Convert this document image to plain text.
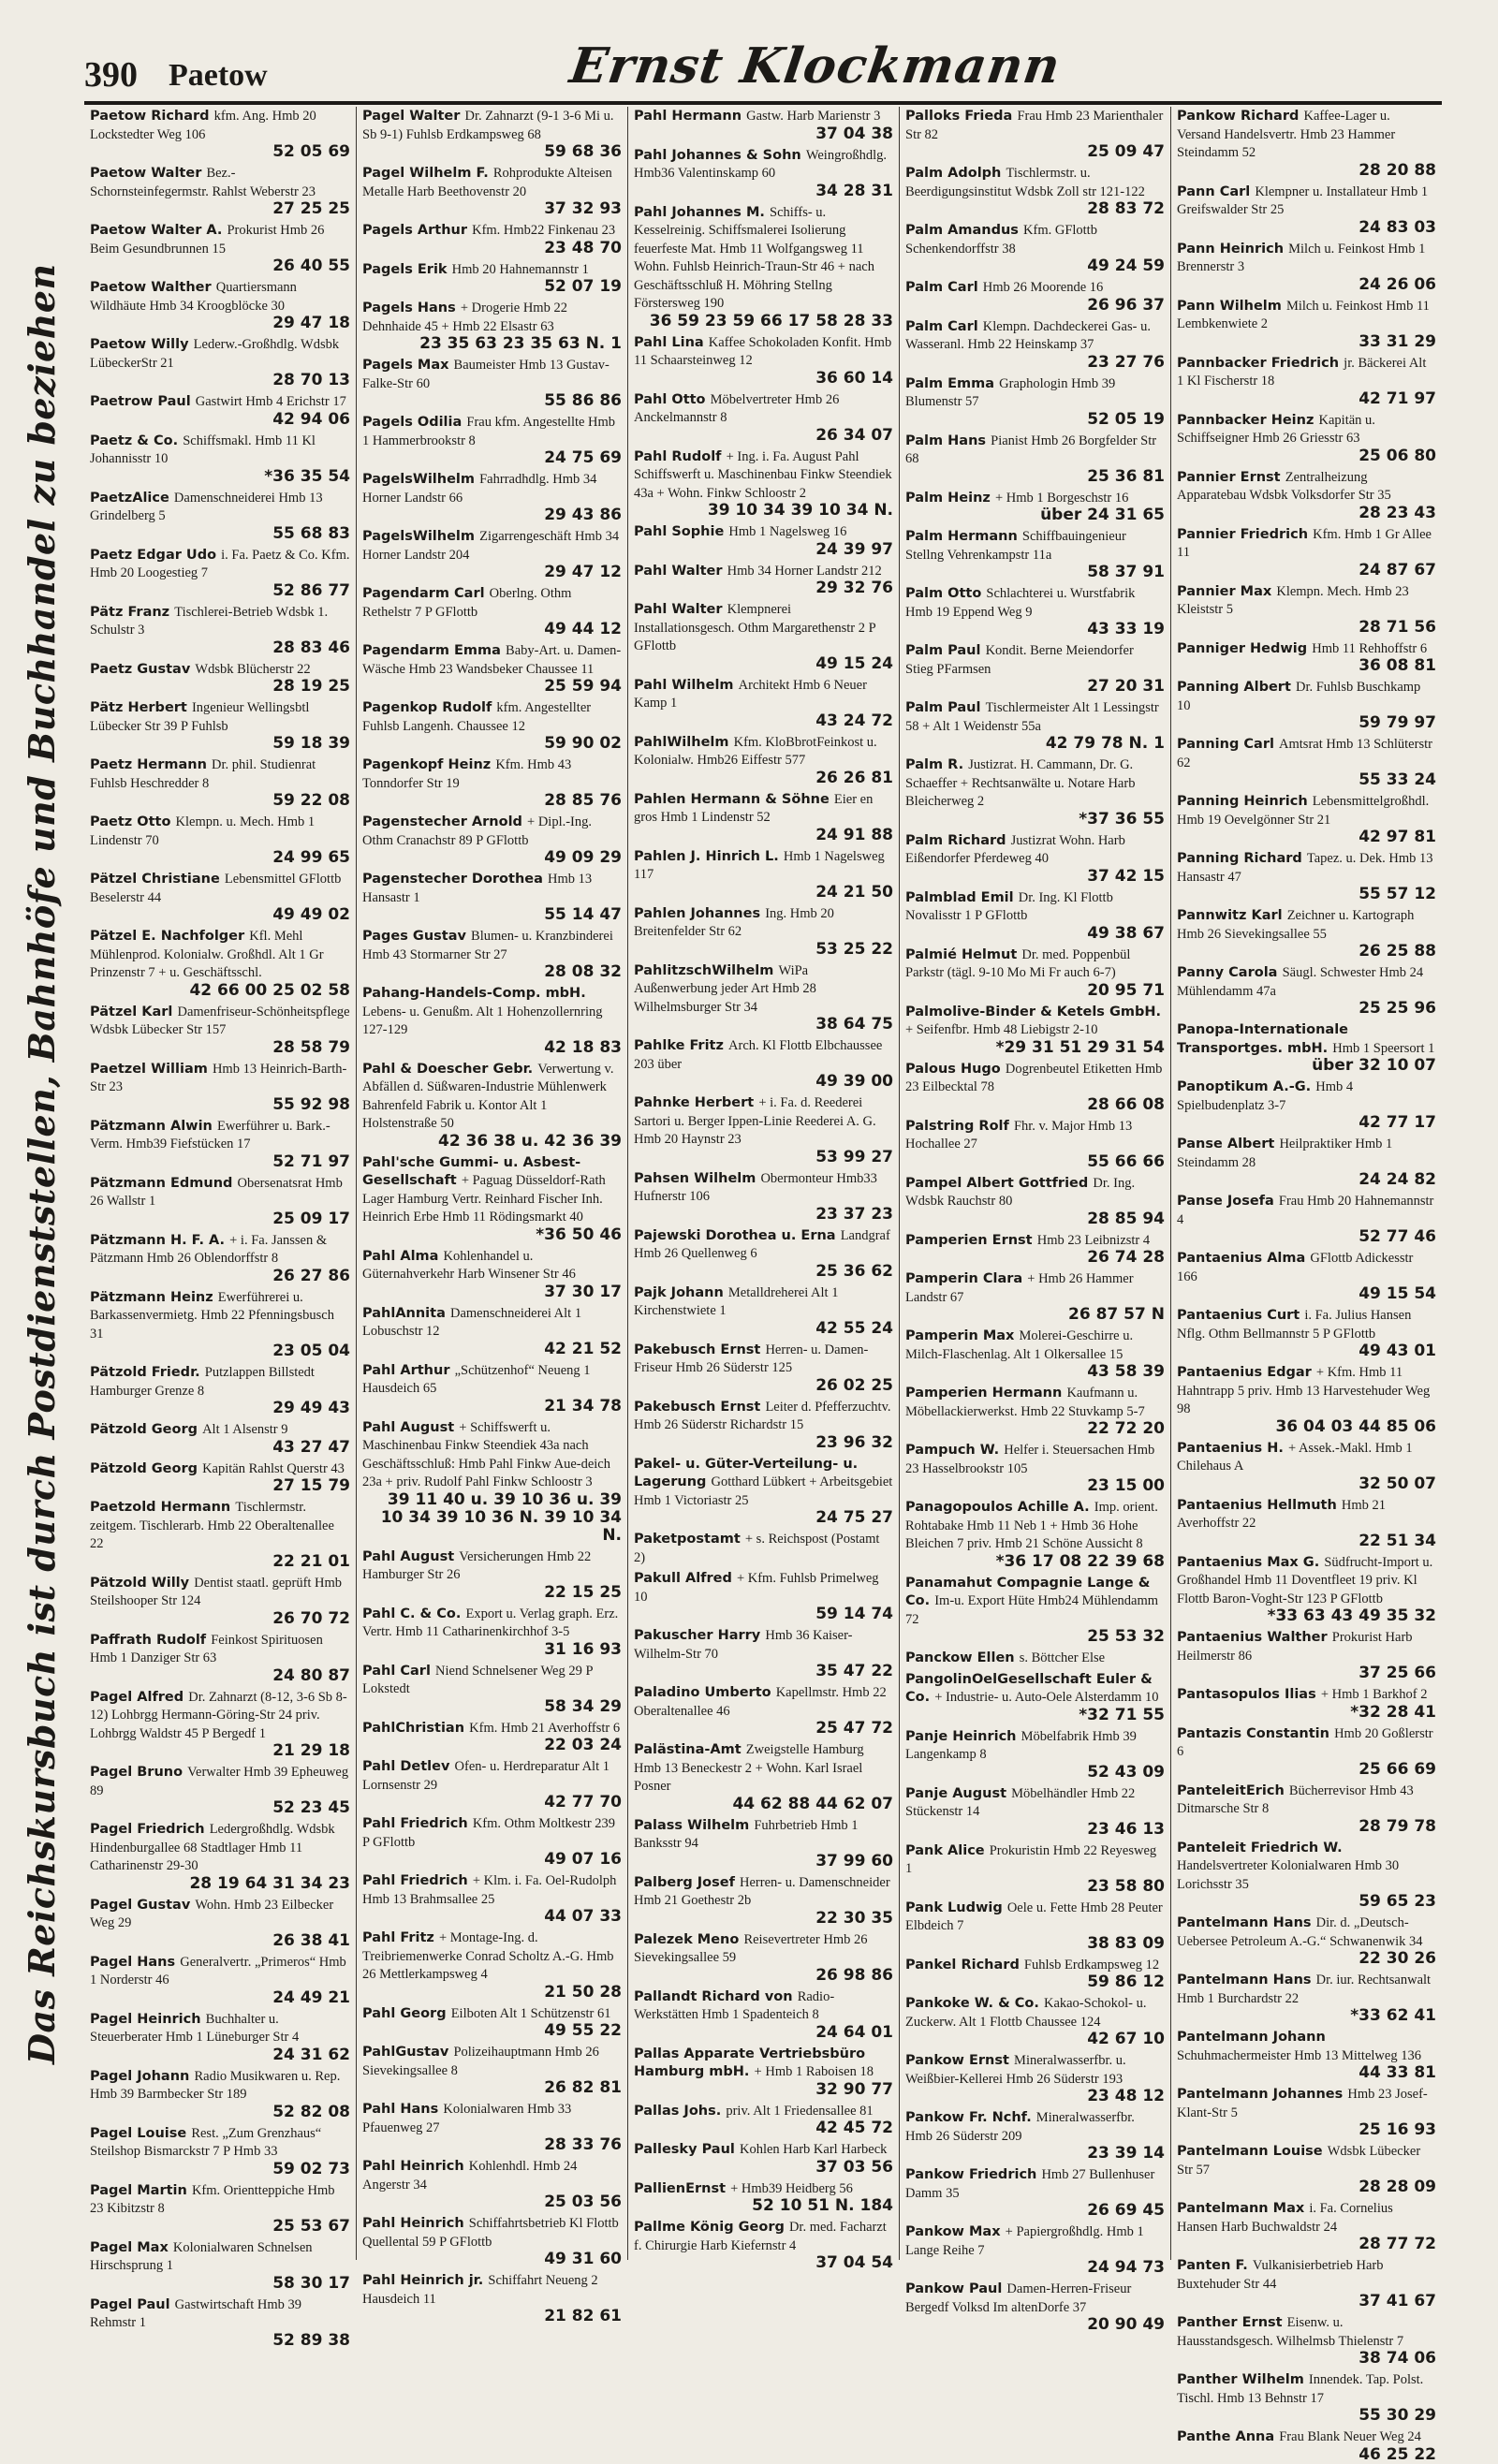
390 Paetow	Ernst Klockmann
Das Reichskursbuch ist durch Postdienststellen, Bahnhöfe und Buchhandel zu beziehen
Paetow Richard kfm. Ang. Hmb 20 Lockstedter Weg 106
52 05 69
Paetow Walter Bez.-Schornsteinfegermstr. Rahlst Weberstr 23
27 25 25
Paetow Walter A. Prokurist Hmb 26 Beim Gesundbrunnen 15
26 40 55
Paetow Walther Quartiersmann Wildhäute Hmb 34 Kroogblöcke 30
29 47 18
Paetow Willy Lederw.-Großhdlg. Wdsbk LübeckerStr 21
28 70 13
Paetrow Paul Gastwirt Hmb 4 Erichstr 17
42 94 06
Paetz & Co. Schiffsmakl. Hmb 11 Kl Johannisstr 10
*36 35 54
PaetzAlice Damenschneiderei Hmb 13 Grindelberg 5
55 68 83
Paetz Edgar Udo i. Fa. Paetz & Co. Kfm. Hmb 20 Loogestieg 7
52 86 77
Pätz Franz Tischlerei-Betrieb Wdsbk 1. Schulstr 3
28 83 46
Paetz Gustav Wdsbk Blücherstr 22
28 19 25
Pätz Herbert Ingenieur Wellingsbtl Lübecker Str 39 P Fuhlsb
59 18 39
Paetz Hermann Dr. phil. Studienrat Fuhlsb Heschredder 8
59 22 08
Paetz Otto Klempn. u. Mech. Hmb 1 Lindenstr 70
24 99 65
Pätzel Christiane Lebensmittel GFlottb Beselerstr 44
49 49 02
Pätzel E. Nachfolger Kfl. Mehl Mühlenprod. Kolonialw. Großhdl. Alt 1 Gr Prinzenstr 7 + u. Geschäftsschl.
42 66 00 25 02 58
Pätzel Karl Damenfriseur-Schönheitspflege Wdsbk Lübecker Str 157
28 58 79
Paetzel William Hmb 13 Heinrich-Barth-Str 23
55 92 98
Pätzmann Alwin Ewerführer u. Bark.-Verm. Hmb39 Fiefstücken 17
52 71 97
Pätzmann Edmund Obersenatsrat Hmb 26 Wallstr 1
25 09 17
Pätzmann H. F. A. + i. Fa. Janssen & Pätzmann Hmb 26 Oblendorffstr 8
26 27 86
Pätzmann Heinz Ewerführerei u. Barkassenvermietg. Hmb 22 Pfenningsbusch 31
23 05 04
Pätzold Friedr. Putzlappen Billstedt Hamburger Grenze 8
29 49 43
Pätzold Georg Alt 1 Alsenstr 9
43 27 47
Pätzold Georg Kapitän Rahlst Querstr 43
27 15 79
Paetzold Hermann Tischlermstr. zeitgem. Tischlerarb. Hmb 22 Oberaltenallee 22
22 21 01
Pätzold Willy Dentist staatl. geprüft Hmb Steilshooper Str 124
26 70 72
Paffrath Rudolf Feinkost Spirituosen Hmb 1 Danziger Str 63
24 80 87
Pagel Alfred Dr. Zahnarzt (8-12, 3-6 Sb 8-12) Lohbrgg Hermann-Göring-Str 24 priv. Lohbrgg Waldstr 45 P Bergedf 1
21 29 18
Pagel Bruno Verwalter Hmb 39 Epheuweg 89
52 23 45
Pagel Friedrich Ledergroßhdlg. Wdsbk Hindenburgallee 68 Stadtlager Hmb 11 Catharinenstr 29-30
28 19 64 31 34 23
Pagel Gustav Wohn. Hmb 23 Eilbecker Weg 29
26 38 41
Pagel Hans Generalvertr. „Primeros“ Hmb 1 Norderstr 46
24 49 21
Pagel Heinrich Buchhalter u. Steuerberater Hmb 1 Lüneburger Str 4
24 31 62
Pagel Johann Radio Musikwaren u. Rep. Hmb 39 Barmbecker Str 189
52 82 08
Pagel Louise Rest. „Zum Grenzhaus“ Steilshop Bismarckstr 7 P Hmb 33
59 02 73
Pagel Martin Kfm. Orientteppiche Hmb 23 Kibitzstr 8
25 53 67
Pagel Max Kolonialwaren Schnelsen Hirschsprung 1
58 30 17
Pagel Paul Gastwirtschaft Hmb 39 Rehmstr 1
52 89 38
Pagel Walter Dr. Zahnarzt (9-1 3-6 Mi u. Sb 9-1) Fuhlsb Erdkampsweg 68
59 68 36
Pagel Wilhelm F. Rohprodukte Alteisen Metalle Harb Beethovenstr 20
37 32 93
Pagels Arthur Kfm. Hmb22 Finkenau 23
23 48 70
Pagels Erik Hmb 20 Hahnemannstr 1
52 07 19
Pagels Hans + Drogerie Hmb 22 Dehnhaide 45 + Hmb 22 Elsastr 63
23 35 63 23 35 63 N. 1
Pagels Max Baumeister Hmb 13 Gustav-Falke-Str 60
55 86 86
Pagels Odilia Frau kfm. Angestellte Hmb 1 Hammerbrookstr 8
24 75 69
PagelsWilhelm Fahrradhdlg. Hmb 34 Horner Landstr 66
29 43 86
PagelsWilhelm Zigarrengeschäft Hmb 34 Horner Landstr 204
29 47 12
Pagendarm Carl Oberlng. Othm Rethelstr 7 P GFlottb
49 44 12
Pagendarm Emma Baby-Art. u. Damen-Wäsche Hmb 23 Wandsbeker Chaussee 11
25 59 94
Pagenkop Rudolf kfm. Angestellter Fuhlsb Langenh. Chaussee 12
59 90 02
Pagenkopf Heinz Kfm. Hmb 43 Tonndorfer Str 19
28 85 76
Pagenstecher Arnold + Dipl.-Ing. Othm Cranachstr 89 P GFlottb
49 09 29
Pagenstecher Dorothea Hmb 13 Hansastr 1
55 14 47
Pages Gustav Blumen- u. Kranzbinderei Hmb 43 Stormarner Str 27
28 08 32
Pahang-Handels-Comp. mbH. Lebens- u. Genußm. Alt 1 Hohenzollernring 127-129
42 18 83
Pahl & Doescher Gebr. Verwertung v. Abfällen d. Süßwaren-Industrie Mühlenwerk Bahrenfeld Fabrik u. Kontor Alt 1 Holstenstraße 50
42 36 38 u. 42 36 39
Pahl'sche Gummi- u. Asbest-Gesellschaft + Paguag Düsseldorf-Rath Lager Hamburg Vertr. Reinhard Fischer Inh. Heinrich Erbe Hmb 11 Rödingsmarkt 40
*36 50 46
Pahl Alma Kohlenhandel u. Güternahverkehr Harb Winsener Str 46
37 30 17
PahlAnnita Damenschneiderei Alt 1 Lobuschstr 12
42 21 52
Pahl Arthur „Schützenhof“ Neueng 1 Hausdeich 65
21 34 78
Pahl August + Schiffswerft u. Maschinenbau Finkw Steendiek 43a nach Geschäftsschluß: Hmb Pahl Finkw Aue-deich 23a + priv. Rudolf Pahl Finkw Schloostr 3
39 11 40 u. 39 10 36 u. 39 10 34 39 10 36 N. 39 10 34 N.
Pahl August Versicherungen Hmb 22 Hamburger Str 26
22 15 25
Pahl C. & Co. Export u. Verlag graph. Erz. Vertr. Hmb 11 Catharinenkirchhof 3-5
31 16 93
Pahl Carl Niend Schnelsener Weg 29 P Lokstedt
58 34 29
PahlChristian Kfm. Hmb 21 Averhoffstr 6
22 03 24
Pahl Detlev Ofen- u. Herdreparatur Alt 1 Lornsenstr 29
42 77 70
Pahl Friedrich Kfm. Othm Moltkestr 239 P GFlottb
49 07 16
Pahl Friedrich + Klm. i. Fa. Oel-Rudolph Hmb 13 Brahmsallee 25
44 07 33
Pahl Fritz + Montage-Ing. d. Treibriemenwerke Conrad Scholtz A.-G. Hmb 26 Mettlerkampsweg 4
21 50 28
Pahl Georg Eilboten Alt 1 Schützenstr 61
49 55 22
PahlGustav Polizeihauptmann Hmb 26 Sievekingsallee 8
26 82 81
Pahl Hans Kolonialwaren Hmb 33 Pfauenweg 27
28 33 76
Pahl Heinrich Kohlenhdl. Hmb 24 Angerstr 34
25 03 56
Pahl Heinrich Schiffahrtsbetrieb Kl Flottb Quellental 59 P GFlottb
49 31 60
Pahl Heinrich jr. Schiffahrt Neueng 2 Hausdeich 11
21 82 61
Pahl Hermann Gastw. Harb Marienstr 3
37 04 38
Pahl Johannes & Sohn Weingroßhdlg. Hmb36 Valentinskamp 60
34 28 31
Pahl Johannes M. Schiffs- u. Kesselreinig. Schiffsmalerei Isolierung feuerfeste Mat. Hmb 11 Wolfgangsweg 11 Wohn. Fuhlsb Heinrich-Traun-Str 46 + nach Geschäftsschluß H. Möhring Stellng Förstersweg 190
36 59 23 59 66 17 58 28 33
Pahl Lina Kaffee Schokoladen Konfit. Hmb 11 Schaarsteinweg 12
36 60 14
Pahl Otto Möbelvertreter Hmb 26 Anckelmannstr 8
26 34 07
Pahl Rudolf + Ing. i. Fa. August Pahl Schiffswerft u. Maschinenbau Finkw Steendiek 43a + Wohn. Finkw Schloostr 2
39 10 34 39 10 34 N.
Pahl Sophie Hmb 1 Nagelsweg 16
24 39 97
Pahl Walter Hmb 34 Horner Landstr 212
29 32 76
Pahl Walter Klempnerei Installationsgesch. Othm Margarethenstr 2 P GFlottb
49 15 24
Pahl Wilhelm Architekt Hmb 6 Neuer Kamp 1
43 24 72
PahlWilhelm Kfm. KloBbrotFeinkost u. Kolonialw. Hmb26 Eiffestr 577
26 26 81
Pahlen Hermann & Söhne Eier en gros Hmb 1 Lindenstr 52
24 91 88
Pahlen J. Hinrich L. Hmb 1 Nagelsweg 117
24 21 50
Pahlen Johannes Ing. Hmb 20 Breitenfelder Str 62
53 25 22
PahlitzschWilhelm WiPa Außenwerbung jeder Art Hmb 28 Wilhelmsburger Str 34
38 64 75
Pahlke Fritz Arch. Kl Flottb Elbchaussee 203 über
49 39 00
Pahnke Herbert + i. Fa. d. Reederei Sartori u. Berger Ippen-Linie Reederei A. G. Hmb 20 Haynstr 23
53 99 27
Pahsen Wilhelm Obermonteur Hmb33 Hufnerstr 106
23 37 23
Pajewski Dorothea u. Erna Landgraf Hmb 26 Quellenweg 6
25 36 62
Pajk Johann Metalldreherei Alt 1 Kirchenstwiete 1
42 55 24
Pakebusch Ernst Herren- u. Damen-Friseur Hmb 26 Süderstr 125
26 02 25
Pakebusch Ernst Leiter d. Pfefferzuchtv. Hmb 26 Süderstr Richardstr 15
23 96 32
Pakel- u. Güter-Verteilung- u. Lagerung Gotthard Lübkert + Arbeitsgebiet Hmb 1 Victoriastr 25
24 75 27
Paketpostamt + s. Reichspost (Postamt 2)
Pakull Alfred + Kfm. Fuhlsb Primelweg 10
59 14 74
Pakuscher Harry Hmb 36 Kaiser-Wilhelm-Str 70
35 47 22
Paladino Umberto Kapellmstr. Hmb 22 Oberaltenallee 46
25 47 72
Palästina-Amt Zweigstelle Hamburg Hmb 13 Beneckestr 2 + Wohn. Karl Israel Posner
44 62 88 44 62 07
Palass Wilhelm Fuhrbetrieb Hmb 1 Banksstr 94
37 99 60
Palberg Josef Herren- u. Damenschneider Hmb 21 Goethestr 2b
22 30 35
Palezek Meno Reisevertreter Hmb 26 Sievekingsallee 59
26 98 86
Pallandt Richard von Radio-Werkstätten Hmb 1 Spadenteich 8
24 64 01
Pallas Apparate Vertriebsbüro Hamburg mbH. + Hmb 1 Raboisen 18
32 90 77
Pallas Johs. priv. Alt 1 Friedensallee 81
42 45 72
Pallesky Paul Kohlen Harb Karl Harbeck
37 03 56
PallienErnst + Hmb39 Heidberg 56
52 10 51 N. 184
Pallme König Georg Dr. med. Facharzt f. Chirurgie Harb Kiefernstr 4
37 04 54
Palloks Frieda Frau Hmb 23 Marienthaler Str 82
25 09 47
Palm Adolph Tischlermstr. u. Beerdigungsinstitut Wdsbk Zoll str 121-122
28 83 72
Palm Amandus Kfm. GFlottb Schenkendorffstr 38
49 24 59
Palm Carl Hmb 26 Moorende 16
26 96 37
Palm Carl Klempn. Dachdeckerei Gas- u. Wasseranl. Hmb 22 Heinskamp 37
23 27 76
Palm Emma Graphologin Hmb 39 Blumenstr 57
52 05 19
Palm Hans Pianist Hmb 26 Borgfelder Str 68
25 36 81
Palm Heinz + Hmb 1 Borgeschstr 16
über 24 31 65
Palm Hermann Schiffbauingenieur Stellng Vehrenkampstr 11a
58 37 91
Palm Otto Schlachterei u. Wurstfabrik Hmb 19 Eppend Weg 9
43 33 19
Palm Paul Kondit. Berne Meiendorfer Stieg PFarmsen
27 20 31
Palm Paul Tischlermeister Alt 1 Lessingstr 58 + Alt 1 Weidenstr 55a
42 79 78 N. 1
Palm R. Justizrat. H. Cammann, Dr. G. Schaeffer + Rechtsanwälte u. Notare Harb Bleicherweg 2
*37 36 55
Palm Richard Justizrat Wohn. Harb Eißendorfer Pferdeweg 40
37 42 15
Palmblad Emil Dr. Ing. Kl Flottb Novalisstr 1 P GFlottb
49 38 67
Palmié Helmut Dr. med. Poppenbül Parkstr (tägl. 9-10 Mo Mi Fr auch 6-7)
20 95 71
Palmolive-Binder & Ketels GmbH. + Seifenfbr. Hmb 48 Liebigstr 2-10
*29 31 51 29 31 54
Palous Hugo Dogrenbeutel Etiketten Hmb 23 Eilbecktal 78
28 66 08
Palstring Rolf Fhr. v. Major Hmb 13 Hochallee 27
55 66 66
Pampel Albert Gottfried Dr. Ing. Wdsbk Rauchstr 80
28 85 94
Pamperien Ernst Hmb 23 Leibnizstr 4
26 74 28
Pamperin Clara + Hmb 26 Hammer Landstr 67
26 87 57 N
Pamperin Max Molerei-Geschirre u. Milch-Flaschenlag. Alt 1 Olkersallee 15
43 58 39
Pamperien Hermann Kaufmann u. Möbellackierwerkst. Hmb 22 Stuvkamp 5-7
22 72 20
Pampuch W. Helfer i. Steuersachen Hmb 23 Hasselbrookstr 105
23 15 00
Panagopoulos Achille A. Imp. orient. Rohtabake Hmb 11 Neb 1 + Hmb 36 Hohe Bleichen 7 priv. Hmb 21 Schöne Aussicht 8
*36 17 08 22 39 68
Panamahut Compagnie Lange & Co. Im-u. Export Hüte Hmb24 Mühlendamm 72
25 53 32
Panckow Ellen s. Böttcher Else
PangolinOelGesellschaft Euler & Co. + Industrie- u. Auto-Oele Alsterdamm 10
*32 71 55
Panje Heinrich Möbelfabrik Hmb 39 Langenkamp 8
52 43 09
Panje August Möbelhändler Hmb 22 Stückenstr 14
23 46 13
Pank Alice Prokuristin Hmb 22 Reyesweg 1
23 58 80
Pank Ludwig Oele u. Fette Hmb 28 Peuter Elbdeich 7
38 83 09
Pankel Richard Fuhlsb Erdkampsweg 12
59 86 12
Pankoke W. & Co. Kakao-Schokol- u. Zuckerw. Alt 1 Flottb Chaussee 124
42 67 10
Pankow Ernst Mineralwasserfbr. u. Weißbier-Kellerei Hmb 26 Süderstr 193
23 48 12
Pankow Fr. Nchf. Mineralwasserfbr. Hmb 26 Süderstr 209
23 39 14
Pankow Friedrich Hmb 27 Bullenhuser Damm 35
26 69 45
Pankow Max + Papiergroßhdlg. Hmb 1 Lange Reihe 7
24 94 73
Pankow Paul Damen-Herren-Friseur Bergedf Volksd Im altenDorfe 37
20 90 49
Pankow Richard Kaffee-Lager u. Versand Handelsvertr. Hmb 23 Hammer Steindamm 52
28 20 88
Pann Carl Klempner u. Installateur Hmb 1 Greifswalder Str 25
24 83 03
Pann Heinrich Milch u. Feinkost Hmb 1 Brennerstr 3
24 26 06
Pann Wilhelm Milch u. Feinkost Hmb 11 Lembkenwiete 2
33 31 29
Pannbacker Friedrich jr. Bäckerei Alt 1 Kl Fischerstr 18
42 71 97
Pannbacker Heinz Kapitän u. Schiffseigner Hmb 26 Griesstr 63
25 06 80
Pannier Ernst Zentralheizung Apparatebau Wdsbk Volksdorfer Str 35
28 23 43
Pannier Friedrich Kfm. Hmb 1 Gr Allee 11
24 87 67
Pannier Max Klempn. Mech. Hmb 23 Kleiststr 5
28 71 56
Panniger Hedwig Hmb 11 Rehhoffstr 6
36 08 81
Panning Albert Dr. Fuhlsb Buschkamp 10
59 79 97
Panning Carl Amtsrat Hmb 13 Schlüterstr 62
55 33 24
Panning Heinrich Lebensmittelgroßhdl. Hmb 19 Oevelgönner Str 21
42 97 81
Panning Richard Tapez. u. Dek. Hmb 13 Hansastr 47
55 57 12
Pannwitz Karl Zeichner u. Kartograph Hmb 26 Sievekingsallee 55
26 25 88
Panny Carola Säugl. Schwester Hmb 24 Mühlendamm 47a
25 25 96
Panopa-Internationale Transportges. mbH. Hmb 1 Speersort 1
über 32 10 07
Panoptikum A.-G. Hmb 4 Spielbudenplatz 3-7
42 77 17
Panse Albert Heilpraktiker Hmb 1 Steindamm 28
24 24 82
Panse Josefa Frau Hmb 20 Hahnemannstr 4
52 77 46
Pantaenius Alma GFlottb Adickesstr 166
49 15 54
Pantaenius Curt i. Fa. Julius Hansen Nflg. Othm Bellmannstr 5 P GFlottb
49 43 01
Pantaenius Edgar + Kfm. Hmb 11 Hahntrapp 5 priv. Hmb 13 Harvestehuder Weg 98
36 04 03 44 85 06
Pantaenius H. + Assek.-Makl. Hmb 1 Chilehaus A
32 50 07
Pantaenius Hellmuth Hmb 21 Averhoffstr 22
22 51 34
Pantaenius Max G. Südfrucht-Import u. Großhandel Hmb 11 Doventfleet 19 priv. Kl Flottb Baron-Voght-Str 123 P GFlottb
*33 63 43 49 35 32
Pantaenius Walther Prokurist Harb Heilmerstr 86
37 25 66
Pantasopulos Ilias + Hmb 1 Barkhof 2
*32 28 41
Pantazis Constantin Hmb 20 Goßlerstr 6
25 66 69
PanteleitErich Bücherrevisor Hmb 43 Ditmarsche Str 8
28 79 78
Panteleit Friedrich W. Handelsvertreter Kolonialwaren Hmb 30 Lorichsstr 35
59 65 23
Pantelmann Hans Dir. d. „Deutsch-Uebersee Petroleum A.-G.“ Schwanenwik 34
22 30 26
Pantelmann Hans Dr. iur. Rechtsanwalt Hmb 1 Burchardstr 22
*33 62 41
Pantelmann Johann Schuhmachermeister Hmb 13 Mittelweg 136
44 33 81
Pantelmann Johannes Hmb 23 Josef-Klant-Str 5
25 16 93
Pantelmann Louise Wdsbk Lübecker Str 57
28 28 09
Pantelmann Max i. Fa. Cornelius Hansen Harb Buchwaldstr 24
28 77 72
Panten F. Vulkanisierbetrieb Harb Buxtehuder Str 44
37 41 67
Panther Ernst Eisenw. u. Hausstandsgesch. Wilhelmsb Thielenstr 7
38 74 06
Panther Wilhelm Innendek. Tap. Polst. Tischl. Hmb 13 Behnstr 17
55 30 29
Panthe Anna Frau Blank Neuer Weg 24
46 25 22
